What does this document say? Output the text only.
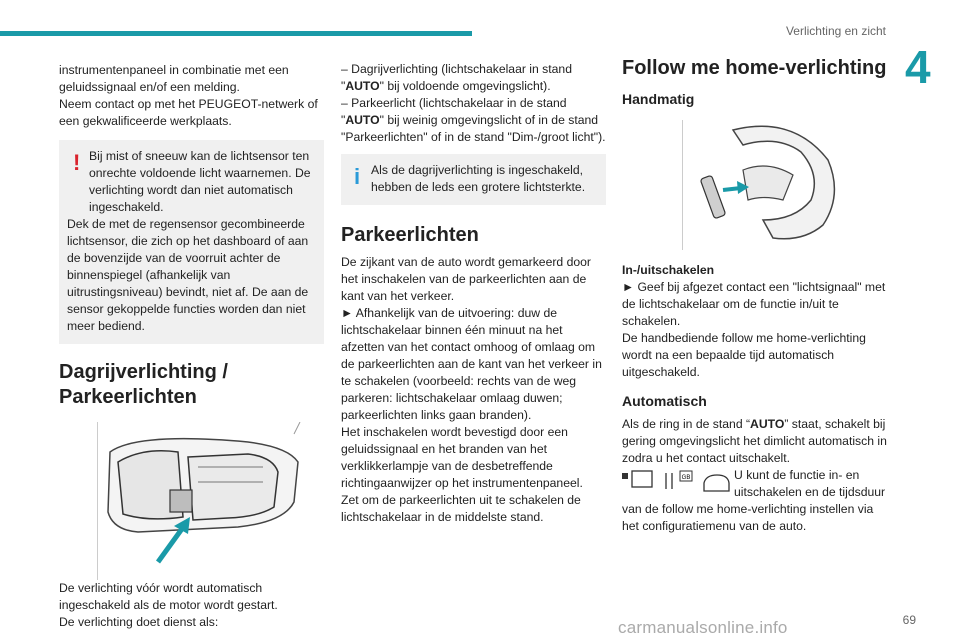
Verlichting en zicht
4

instrumentenpaneel in combinatie met een geluidssignaal en/of een melding.

Neem contact op met het PEUGEOT-netwerk of een gekwalificeerde werkplaats.

! Bij mist of sneeuw kan de lichtsensor ten onrechte voldoende licht waarnemen. De verlichting wordt dan niet automatisch ingeschakeld.

Dek de met de regensensor gecombineerde lichtsensor, die zich op het dashboard of aan de bovenzijde van de voorruit achter de binnenspiegel (afhankelijk van uitrustingsniveau) bevindt, niet af. De aan de sensor gekoppelde functies worden dan niet meer bediend.

Dagrijverlichting / Parkeerlichten

De verlichting vóór wordt automatisch ingeschakeld als de motor wordt gestart.

De verlichting doet dienst als:

– Dagrijverlichting (lichtschakelaar in stand "AUTO" bij voldoende omgevingslicht).

– Parkeerlicht (lichtschakelaar in de stand "AUTO" bij weinig omgevingslicht of in de stand "Parkeerlichten" of in de stand "Dim-/groot licht").

i Als de dagrijverlichting is ingeschakeld, hebben de leds een grotere lichtsterkte.

Parkeerlichten

De zijkant van de auto wordt gemarkeerd door het inschakelen van de parkeerlichten aan de kant van het verkeer.

► Afhankelijk van de uitvoering: duw de lichtschakelaar binnen één minuut na het afzetten van het contact omhoog of omlaag om de parkeerlichten aan de kant van het verkeer in te schakelen (voorbeeld: rechts van de weg parkeren: lichtschakelaar omlaag duwen; parkeerlichten links gaan branden).

Het inschakelen wordt bevestigd door een geluidssignaal en het branden van het verklikkerlampje van de desbetreffende richtingaanwijzer op het instrumentenpaneel.

Zet om de parkeerlichten uit te schakelen de lichtschakelaar in de middelste stand.

Follow me home-verlichting
Handmatig

In-/uitschakelen

► Geef bij afgezet contact een "lichtsignaal" met de lichtschakelaar om de functie in/uit te schakelen.

De handbediende follow me home-verlichting wordt na een bepaalde tijd automatisch uitgeschakeld.

Automatisch

Als de ring in de stand “AUTO” staat, schakelt bij gering omgevingslicht het dimlicht automatisch in zodra u het contact uitschakelt.

GB	U kunt de functie in- en uitschakelen en de tijdsduur

van de follow me home-verlichting instellen via het configuratiemenu van de auto.

69
carmanualsonline.info
